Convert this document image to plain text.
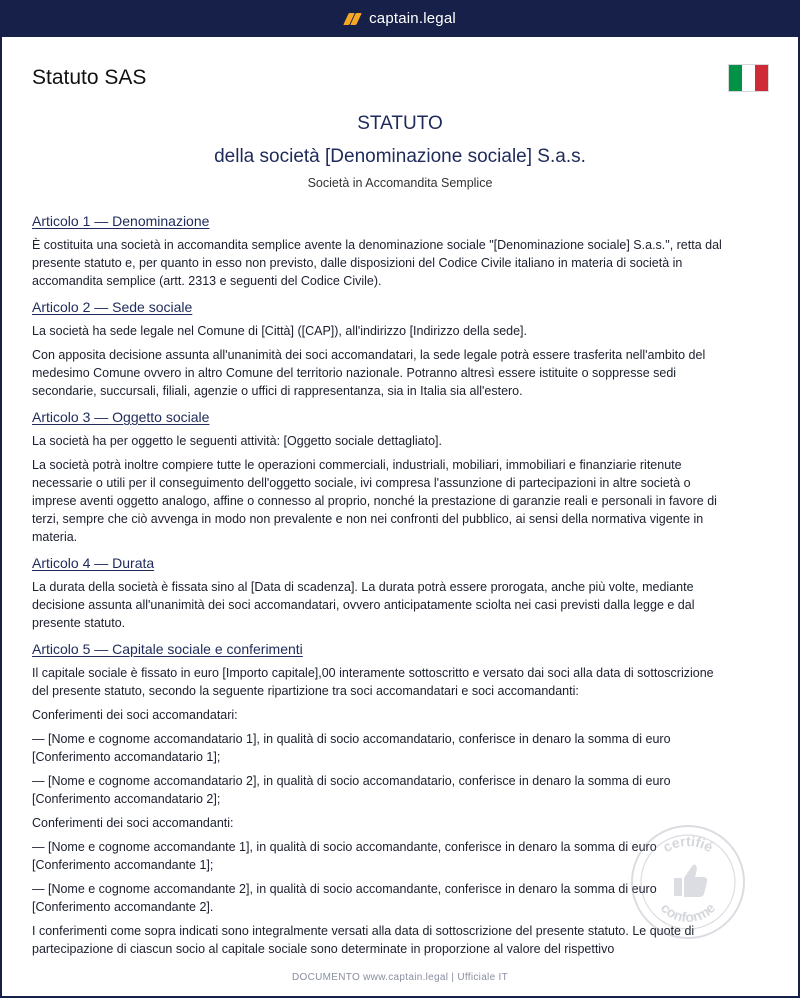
captain.legal
Statuto SAS
STATUTO
della società [Denominazione sociale] S.a.s.
Società in Accomandita Semplice
Articolo 1 — Denominazione

È costituita una società in accomandita semplice avente la denominazione sociale "[Denominazione sociale] S.a.s.", retta dal presente statuto e, per quanto in esso non previsto, dalle disposizioni del Codice Civile italiano in materia di società in accomandita semplice (artt. 2313 e seguenti del Codice Civile).

Articolo 2 — Sede sociale

La società ha sede legale nel Comune di [Città] ([CAP]), all'indirizzo [Indirizzo della sede].

Con apposita decisione assunta all'unanimità dei soci accomandatari, la sede legale potrà essere trasferita nell'ambito del medesimo Comune ovvero in altro Comune del territorio nazionale. Potranno altresì essere istituite o soppresse sedi secondarie, succursali, filiali, agenzie o uffici di rappresentanza, sia in Italia sia all'estero.

Articolo 3 — Oggetto sociale

La società ha per oggetto le seguenti attività: [Oggetto sociale dettagliato].

La società potrà inoltre compiere tutte le operazioni commerciali, industriali, mobiliari, immobiliari e finanziarie ritenute necessarie o utili per il conseguimento dell'oggetto sociale, ivi compresa l'assunzione di partecipazioni in altre società o imprese aventi oggetto analogo, affine o connesso al proprio, nonché la prestazione di garanzie reali e personali in favore di terzi, sempre che ciò avvenga in modo non prevalente e non nei confronti del pubblico, ai sensi della normativa vigente in materia.

Articolo 4 — Durata

La durata della società è fissata sino al [Data di scadenza]. La durata potrà essere prorogata, anche più volte, mediante decisione assunta all'unanimità dei soci accomandatari, ovvero anticipatamente sciolta nei casi previsti dalla legge e dal presente statuto.

Articolo 5 — Capitale sociale e conferimenti

Il capitale sociale è fissato in euro [Importo capitale],00 interamente sottoscritto e versato dai soci alla data di sottoscrizione del presente statuto, secondo la seguente ripartizione tra soci accomandatari e soci accomandanti:

Conferimenti dei soci accomandatari:

— [Nome e cognome accomandatario 1], in qualità di socio accomandatario, conferisce in denaro la somma di euro [Conferimento accomandatario 1];

— [Nome e cognome accomandatario 2], in qualità di socio accomandatario, conferisce in denaro la somma di euro [Conferimento accomandatario 2];

Conferimenti dei soci accomandanti:

— [Nome e cognome accomandante 1], in qualità di socio accomandante, conferisce in denaro la somma di euro [Conferimento accomandante 1];

— [Nome e cognome accomandante 2], in qualità di socio accomandante, conferisce in denaro la somma di euro [Conferimento accomandante 2].

I conferimenti come sopra indicati sono integralmente versati alla data di sottoscrizione del presente statuto. Le quote di partecipazione di ciascun socio al capitale sociale sono determinate in proporzione al valore del rispettivo

certifié
conforme
DOCUMENTO www.captain.legal | Ufficiale IT
